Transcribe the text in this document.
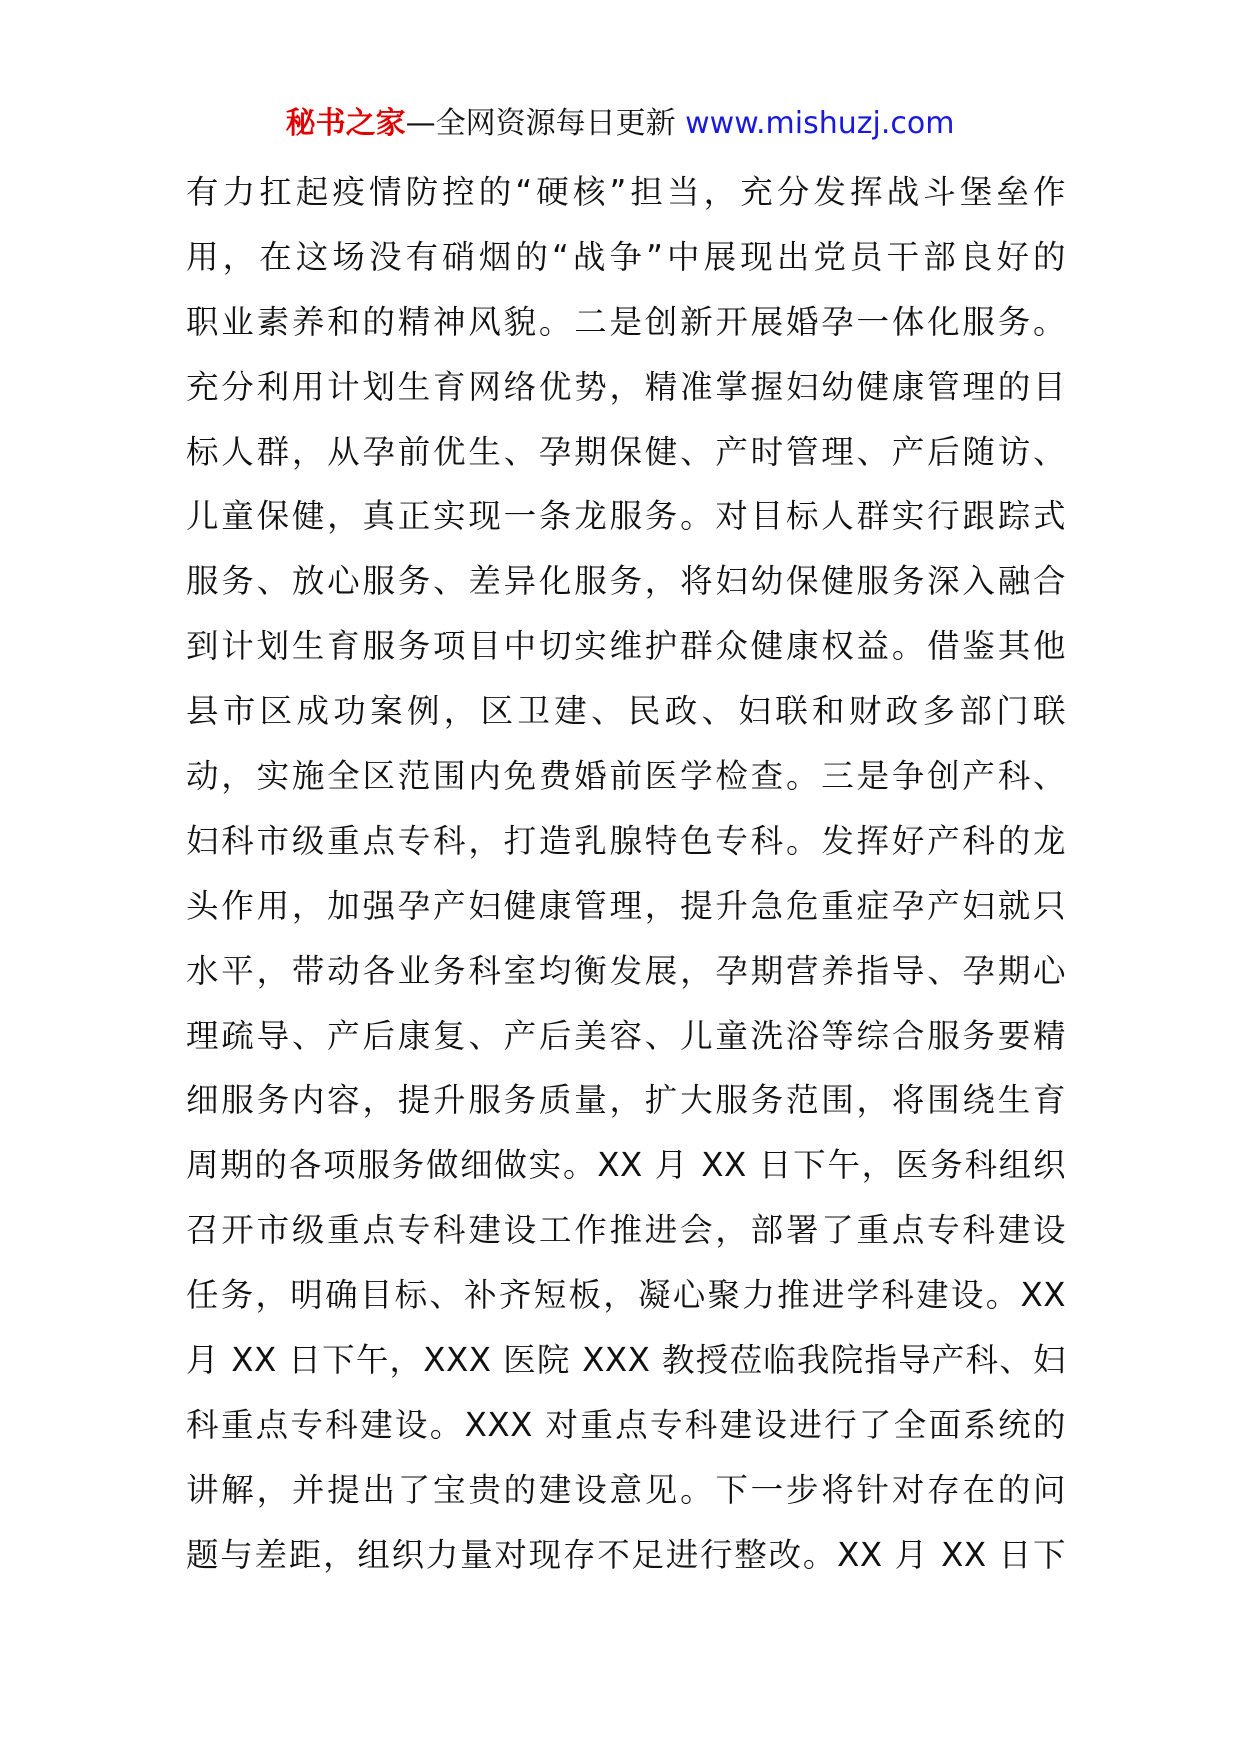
秘书之家—全网资源每日更新 www.mishuzj.com
有力扛起疫情防控的“硬核”担当，充分发挥战斗堡垒作
用，在这场没有硝烟的“战争”中展现出党员干部良好的
职业素养和的精神风貌。二是创新开展婚孕一体化服务。
充分利用计划生育网络优势，精准掌握妇幼健康管理的目
标人群，从孕前优生、孕期保健、产时管理、产后随访、
儿童保健，真正实现一条龙服务。对目标人群实行跟踪式
服务、放心服务、差异化服务，将妇幼保健服务深入融合
到计划生育服务项目中切实维护群众健康权益。借鉴其他
县市区成功案例，区卫建、民政、妇联和财政多部门联
动，实施全区范围内免费婚前医学检查。三是争创产科、
妇科市级重点专科，打造乳腺特色专科。发挥好产科的龙
头作用，加强孕产妇健康管理，提升急危重症孕产妇就只
水平，带动各业务科室均衡发展，孕期营养指导、孕期心
理疏导、产后康复、产后美容、儿童洗浴等综合服务要精
细服务内容，提升服务质量，扩大服务范围，将围绕生育
周期的各项服务做细做实。XX 月 XX 日下午，医务科组织
召开市级重点专科建设工作推进会，部署了重点专科建设
任务，明确目标、补齐短板，凝心聚力推进学科建设。XX
月 XX 日下午，XXX 医院 XXX 教授莅临我院指导产科、妇
科重点专科建设。XXX 对重点专科建设进行了全面系统的
讲解，并提出了宝贵的建设意见。下一步将针对存在的问
题与差距，组织力量对现存不足进行整改。XX 月 XX 日下
